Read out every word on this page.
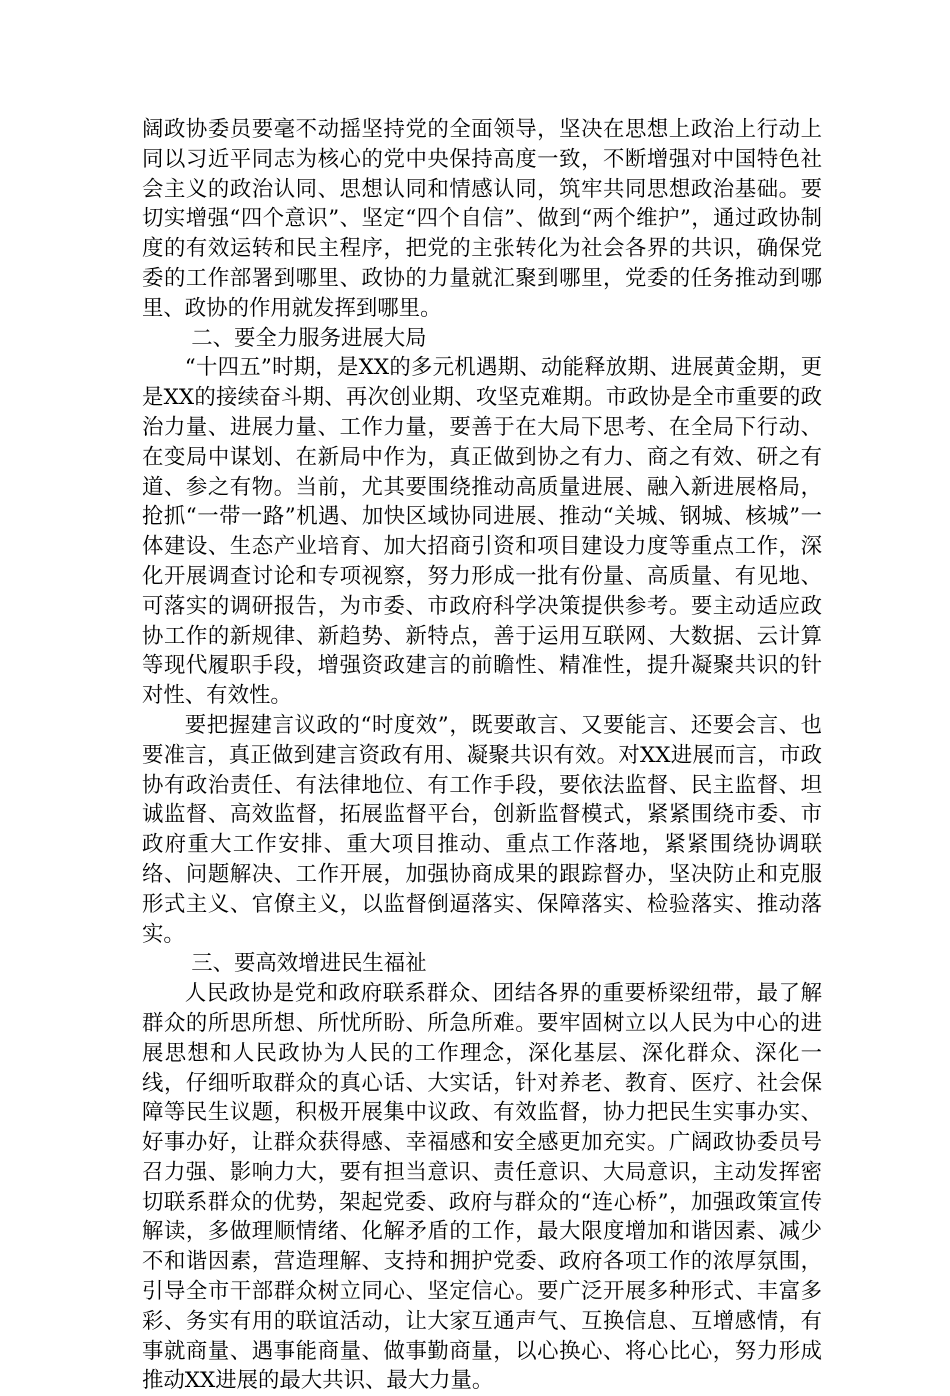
阔政协委员要毫不动摇坚持党的全面领导，坚决在思想上政治上行动上同以习近平同志为核心的党中央保持高度一致，不断增强对中国特色社会主义的政治认同、思想认同和情感认同，筑牢共同思想政治基础。要切实增强“四个意识”、坚定“四个自信”、做到“两个维护”，通过政协制度的有效运转和民主程序，把党的主张转化为社会各界的共识，确保党委的工作部署到哪里、政协的力量就汇聚到哪里，党委的任务推动到哪里、政协的作用就发挥到哪里。

二、要全力服务进展大局

“十四五”时期，是XX的多元机遇期、动能释放期、进展黄金期，更是XX的接续奋斗期、再次创业期、攻坚克难期。市政协是全市重要的政治力量、进展力量、工作力量，要善于在大局下思考、在全局下行动、在变局中谋划、在新局中作为，真正做到协之有力、商之有效、研之有道、参之有物。当前，尤其要围绕推动高质量进展、融入新进展格局，抢抓“一带一路”机遇、加快区域协同进展、推动“关城、钢城、核城”一体建设、生态产业培育、加大招商引资和项目建设力度等重点工作，深化开展调查讨论和专项视察，努力形成一批有份量、高质量、有见地、可落实的调研报告，为市委、市政府科学决策提供参考。要主动适应政协工作的新规律、新趋势、新特点，善于运用互联网、大数据、云计算等现代履职手段，增强资政建言的前瞻性、精准性，提升凝聚共识的针对性、有效性。

要把握建言议政的“时度效”，既要敢言、又要能言、还要会言、也要准言，真正做到建言资政有用、凝聚共识有效。对XX进展而言，市政协有政治责任、有法律地位、有工作手段，要依法监督、民主监督、坦诚监督、高效监督，拓展监督平台，创新监督模式，紧紧围绕市委、市政府重大工作安排、重大项目推动、重点工作落地，紧紧围绕协调联络、问题解决、工作开展，加强协商成果的跟踪督办，坚决防止和克服形式主义、官僚主义，以监督倒逼落实、保障落实、检验落实、推动落实。

三、要高效增进民生福祉

人民政协是党和政府联系群众、团结各界的重要桥梁纽带，最了解群众的所思所想、所忧所盼、所急所难。要牢固树立以人民为中心的进展思想和人民政协为人民的工作理念，深化基层、深化群众、深化一线，仔细听取群众的真心话、大实话，针对养老、教育、医疗、社会保障等民生议题，积极开展集中议政、有效监督，协力把民生实事办实、好事办好，让群众获得感、幸福感和安全感更加充实。广阔政协委员号召力强、影响力大，要有担当意识、责任意识、大局意识，主动发挥密切联系群众的优势，架起党委、政府与群众的“连心桥”，加强政策宣传解读，多做理顺情绪、化解矛盾的工作，最大限度增加和谐因素、减少不和谐因素，营造理解、支持和拥护党委、政府各项工作的浓厚氛围，引导全市干部群众树立同心、坚定信心。要广泛开展多种形式、丰富多彩、务实有用的联谊活动，让大家互通声气、互换信息、互增感情，有事就商量、遇事能商量、做事勤商量，以心换心、将心比心，努力形成推动XX进展的最大共识、最大力量。
